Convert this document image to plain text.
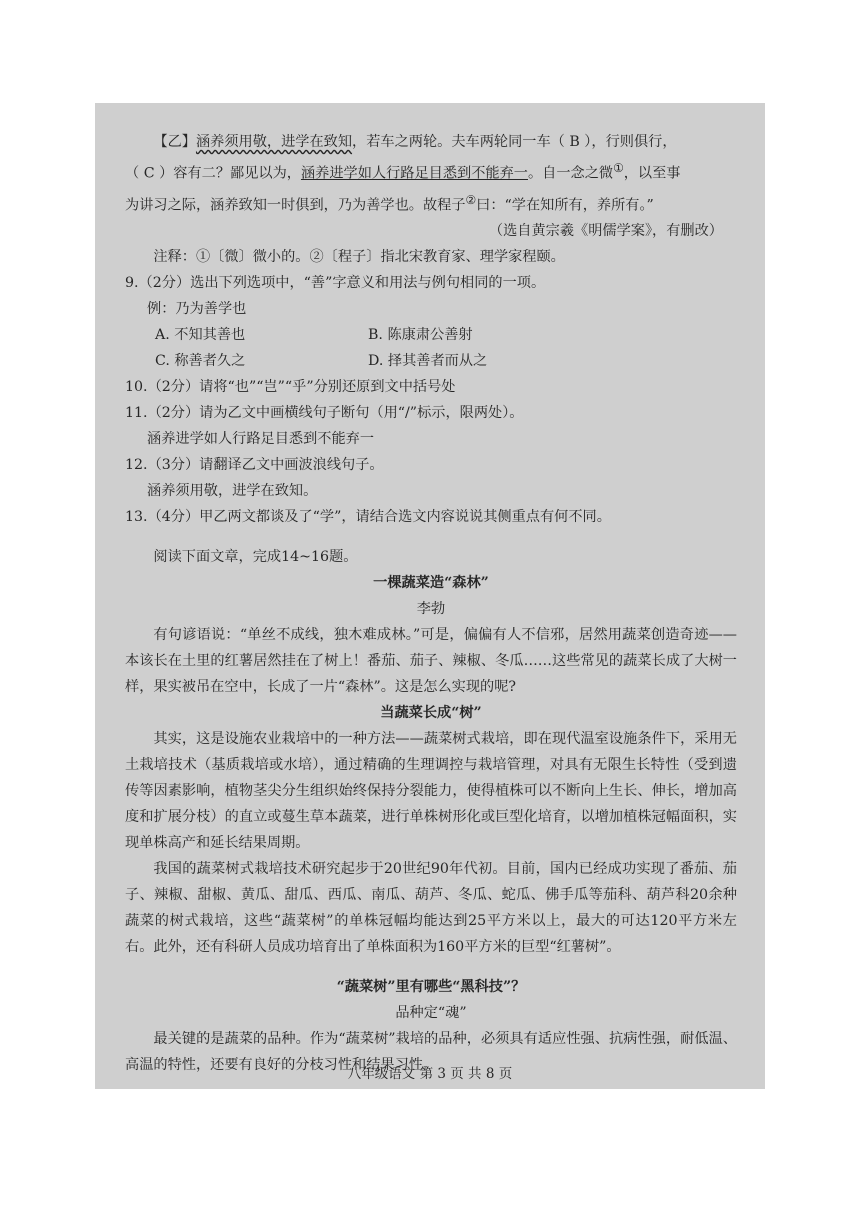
【乙】涵养须用敬，进学在致知，若车之两轮。夫车两轮同一车（ B ），行则俱行，

（ C ）容有二？鄙见以为，涵养进学如人行路足目悉到不能弃一。自一念之微①，以至事

为讲习之际，涵养致知一时俱到，乃为善学也。故程子②曰：“学在知所有，养所有。”

（选自黄宗羲《明儒学案》，有删改）

注释：①〔微〕微小的。②〔程子〕指北宋教育家、理学家程颐。

9.（2分）选出下列选项中，“善”字意义和用法与例句相同的一项。

例：乃为善学也

A. 不知其善也	B. 陈康肃公善射
C. 称善者久之	D. 择其善者而从之

10.（2分）请将“也”“岂”“乎”分别还原到文中括号处

11.（2分）请为乙文中画横线句子断句（用“/”标示，限两处）。

涵养进学如人行路足目悉到不能弃一

12.（3分）请翻译乙文中画波浪线句子。

涵养须用敬，进学在致知。

13.（4分）甲乙两文都谈及了“学”，请结合选文内容说说其侧重点有何不同。

阅读下面文章，完成14~16题。

一棵蔬菜造“森林”

李勃

有句谚语说：“单丝不成线，独木难成林。”可是，偏偏有人不信邪，居然用蔬菜创造奇迹——本该长在土里的红薯居然挂在了树上！番茄、茄子、辣椒、冬瓜……这些常见的蔬菜长成了大树一样，果实被吊在空中，长成了一片“森林”。这是怎么实现的呢?

当蔬菜长成“树”

其实，这是设施农业栽培中的一种方法——蔬菜树式栽培，即在现代温室设施条件下，采用无土栽培技术（基质栽培或水培），通过精确的生理调控与栽培管理，对具有无限生长特性（受到遗传等因素影响，植物茎尖分生组织始终保持分裂能力，使得植株可以不断向上生长、伸长，增加高度和扩展分枝）的直立或蔓生草本蔬菜，进行单株树形化或巨型化培育，以增加植株冠幅面积，实现单株高产和延长结果周期。

我国的蔬菜树式栽培技术研究起步于20世纪90年代初。目前，国内已经成功实现了番茄、茄子、辣椒、甜椒、黄瓜、甜瓜、西瓜、南瓜、葫芦、冬瓜、蛇瓜、佛手瓜等茄科、葫芦科20余种蔬菜的树式栽培，这些“蔬菜树”的单株冠幅均能达到25平方米以上，最大的可达120平方米左右。此外，还有科研人员成功培育出了单株面积为160平方米的巨型“红薯树”。

“蔬菜树”里有哪些“黑科技”？

品种定“魂”

最关键的是蔬菜的品种。作为“蔬菜树”栽培的品种，必须具有适应性强、抗病性强，耐低温、高温的特性，还要有良好的分枝习性和结果习性。

八年级语文 第 3 页 共 8 页
